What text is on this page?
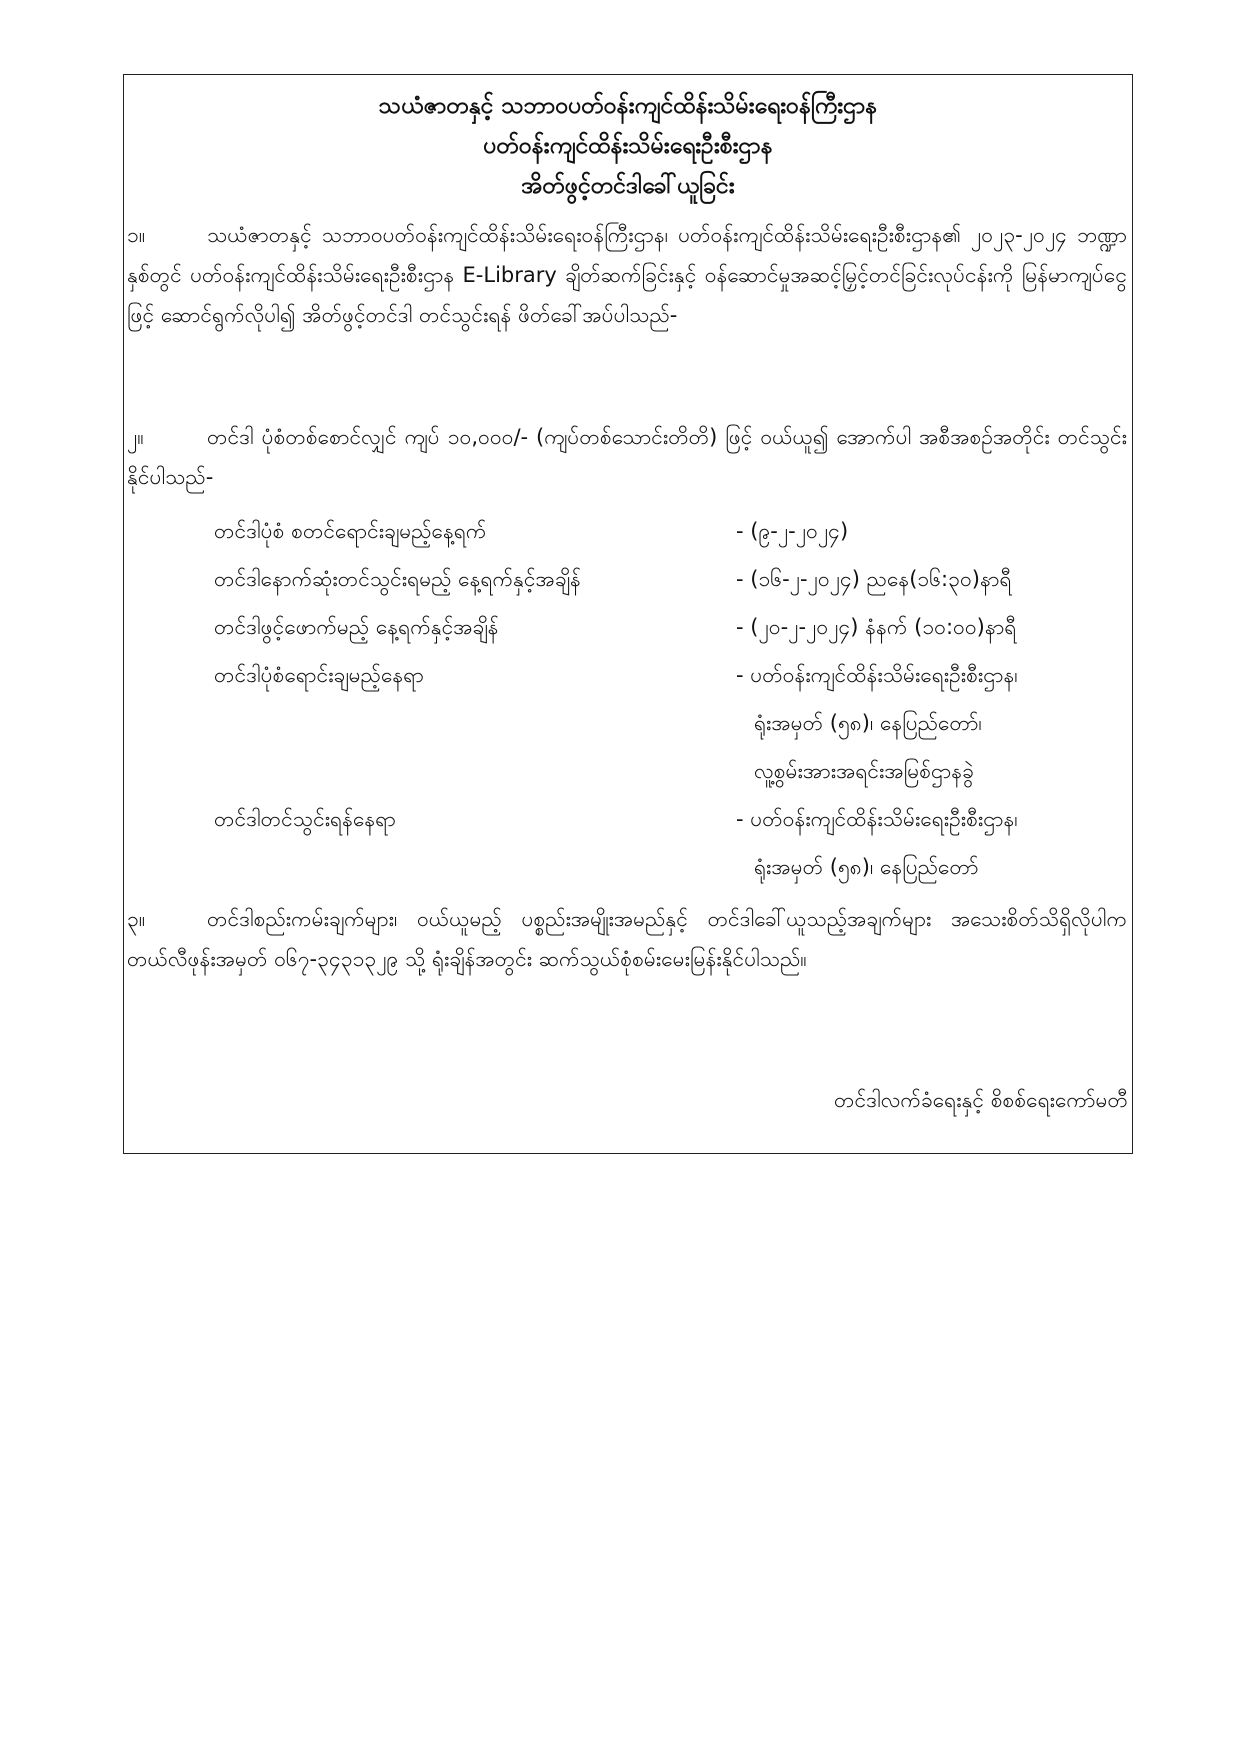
သယံဇာတနှင့် သဘာဝပတ်ဝန်းကျင်ထိန်းသိမ်းရေးဝန်ကြီးဌာန
ပတ်ဝန်းကျင်ထိန်းသိမ်းရေးဦးစီးဌာန
အိတ်ဖွင့်တင်ဒါခေါ်ယူခြင်း
၁။	သယံဇာတနှင့် သဘာဝပတ်ဝန်းကျင်ထိန်းသိမ်းရေးဝန်ကြီးဌာန၊ ပတ်ဝန်းကျင်ထိန်းသိမ်းရေးဦးစီးဌာန၏ ၂၀၂၃-၂၀၂၄ ဘဏ္ဍာနှစ်တွင် ပတ်ဝန်းကျင်ထိန်းသိမ်းရေးဦးစီးဌာန E-Library ချိတ်ဆက်ခြင်းနှင့် ဝန်ဆောင်မှုအဆင့်မြှင့်တင်ခြင်းလုပ်ငန်းကို မြန်မာကျပ်ငွေဖြင့် ဆောင်ရွက်လိုပါ၍ အိတ်ဖွင့်တင်ဒါ တင်သွင်းရန် ဖိတ်ခေါ်အပ်ပါသည်-
၂။	တင်ဒါ ပုံစံတစ်စောင်လျှင် ကျပ် ၁၀,၀၀၀/- (ကျပ်တစ်သောင်းတိတိ) ဖြင့် ဝယ်ယူ၍ အောက်ပါ အစီအစဉ်အတိုင်း တင်သွင်းနိုင်ပါသည်-
တင်ဒါပုံစံ စတင်ရောင်းချမည့်နေ့ရက်	- (၉-၂-၂၀၂၄)
တင်ဒါနောက်ဆုံးတင်သွင်းရမည့် နေ့ရက်နှင့်အချိန်	- (၁၆-၂-၂၀၂၄) ညနေ(၁၆:၃၀)နာရီ
တင်ဒါဖွင့်ဖောက်မည့် နေ့ရက်နှင့်အချိန်	- (၂၀-၂-၂၀၂၄) နံနက် (၁၀:၀၀)နာရီ
တင်ဒါပုံစံရောင်းချမည့်နေရာ	- ပတ်ဝန်းကျင်ထိန်းသိမ်းရေးဦးစီးဌာန၊
ရုံးအမှတ် (၅၈)၊ နေပြည်တော်၊
လူ့စွမ်းအားအရင်းအမြစ်ဌာနခွဲ
တင်ဒါတင်သွင်းရန်နေရာ	- ပတ်ဝန်းကျင်ထိန်းသိမ်းရေးဦးစီးဌာန၊
ရုံးအမှတ် (၅၈)၊ နေပြည်တော်
၃။	တင်ဒါစည်းကမ်းချက်များ၊ ဝယ်ယူမည့် ပစ္စည်းအမျိုးအမည်နှင့် တင်ဒါခေါ်ယူသည့်အချက်များ အသေးစိတ်သိရှိလိုပါက တယ်လီဖုန်းအမှတ် ၀၆၇-၃၄၃၁၃၂၉ သို့ ရုံးချိန်အတွင်း ဆက်သွယ်စုံစမ်းမေးမြန်းနိုင်ပါသည်။
တင်ဒါလက်ခံရေးနှင့် စိစစ်ရေးကော်မတီ
